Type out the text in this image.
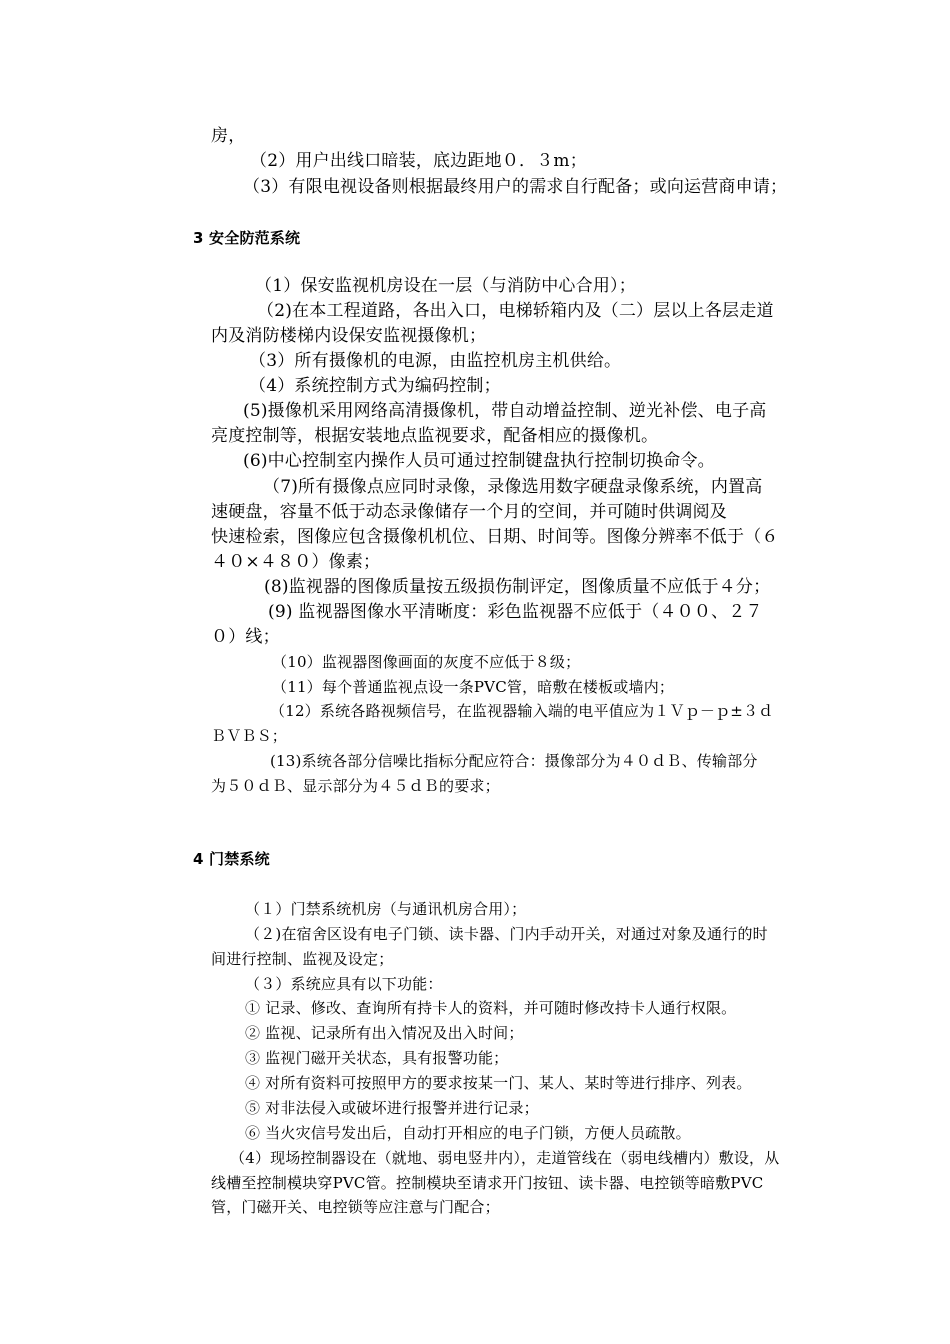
房，
（2）用户出线口暗装，底边距地０．３m；
（3）有限电视设备则根据最终用户的需求自行配备；或向运营商申请；
3 安全防范系统
（1）保安监视机房设在一层（与消防中心合用）；
（2)在本工程道路，各出入口，电梯轿箱内及（二）层以上各层走道
内及消防楼梯内设保安监视摄像机；
（3）所有摄像机的电源，由监控机房主机供给。
（4）系统控制方式为编码控制；
(5)摄像机采用网络高清摄像机，带自动增益控制、逆光补偿、电子高
亮度控制等，根据安装地点监视要求，配备相应的摄像机。
(6)中心控制室内操作人员可通过控制键盘执行控制切换命令。
（7)所有摄像点应同时录像，录像选用数字硬盘录像系统，内置高
速硬盘，容量不低于动态录像储存一个月的空间，并可随时供调阅及
快速检索，图像应包含摄像机机位、日期、时间等。图像分辨率不低于（６
４０×４８０）像素；
(8)监视器的图像质量按五级损伤制评定，图像质量不应低于４分；
(9) 监视器图像水平清晰度：彩色监视器不应低于（４００、２７
０）线；
（10）监视器图像画面的灰度不应低于８级；
（11）每个普通监视点设一条PVC管，暗敷在楼板或墙内；
（12）系统各路视频信号，在监视器输入端的电平值应为１Ｖｐ－ｐ±３ｄ
ＢＶＢＳ；
(13)系统各部分信噪比指标分配应符合：摄像部分为４０ｄＢ、传输部分
为５０ｄＢ、显示部分为４５ｄＢ的要求；
4 门禁系统
（１）门禁系统机房（与通讯机房合用）；
（２)在宿舍区设有电子门锁、读卡器、门内手动开关，对通过对象及通行的时
间进行控制、监视及设定；
（３）系统应具有以下功能：
① 记录、修改、查询所有持卡人的资料，并可随时修改持卡人通行权限。
② 监视、记录所有出入情况及出入时间；
③ 监视门磁开关状态，具有报警功能；
④ 对所有资料可按照甲方的要求按某一门、某人、某时等进行排序、列表。
⑤ 对非法侵入或破坏进行报警并进行记录；
⑥ 当火灾信号发出后，自动打开相应的电子门锁，方便人员疏散。
（4）现场控制器设在（就地、弱电竖井内），走道管线在（弱电线槽内）敷设，从
线槽至控制模块穿PVC管。控制模块至请求开门按钮、读卡器、电控锁等暗敷PVC
管，门磁开关、电控锁等应注意与门配合；
